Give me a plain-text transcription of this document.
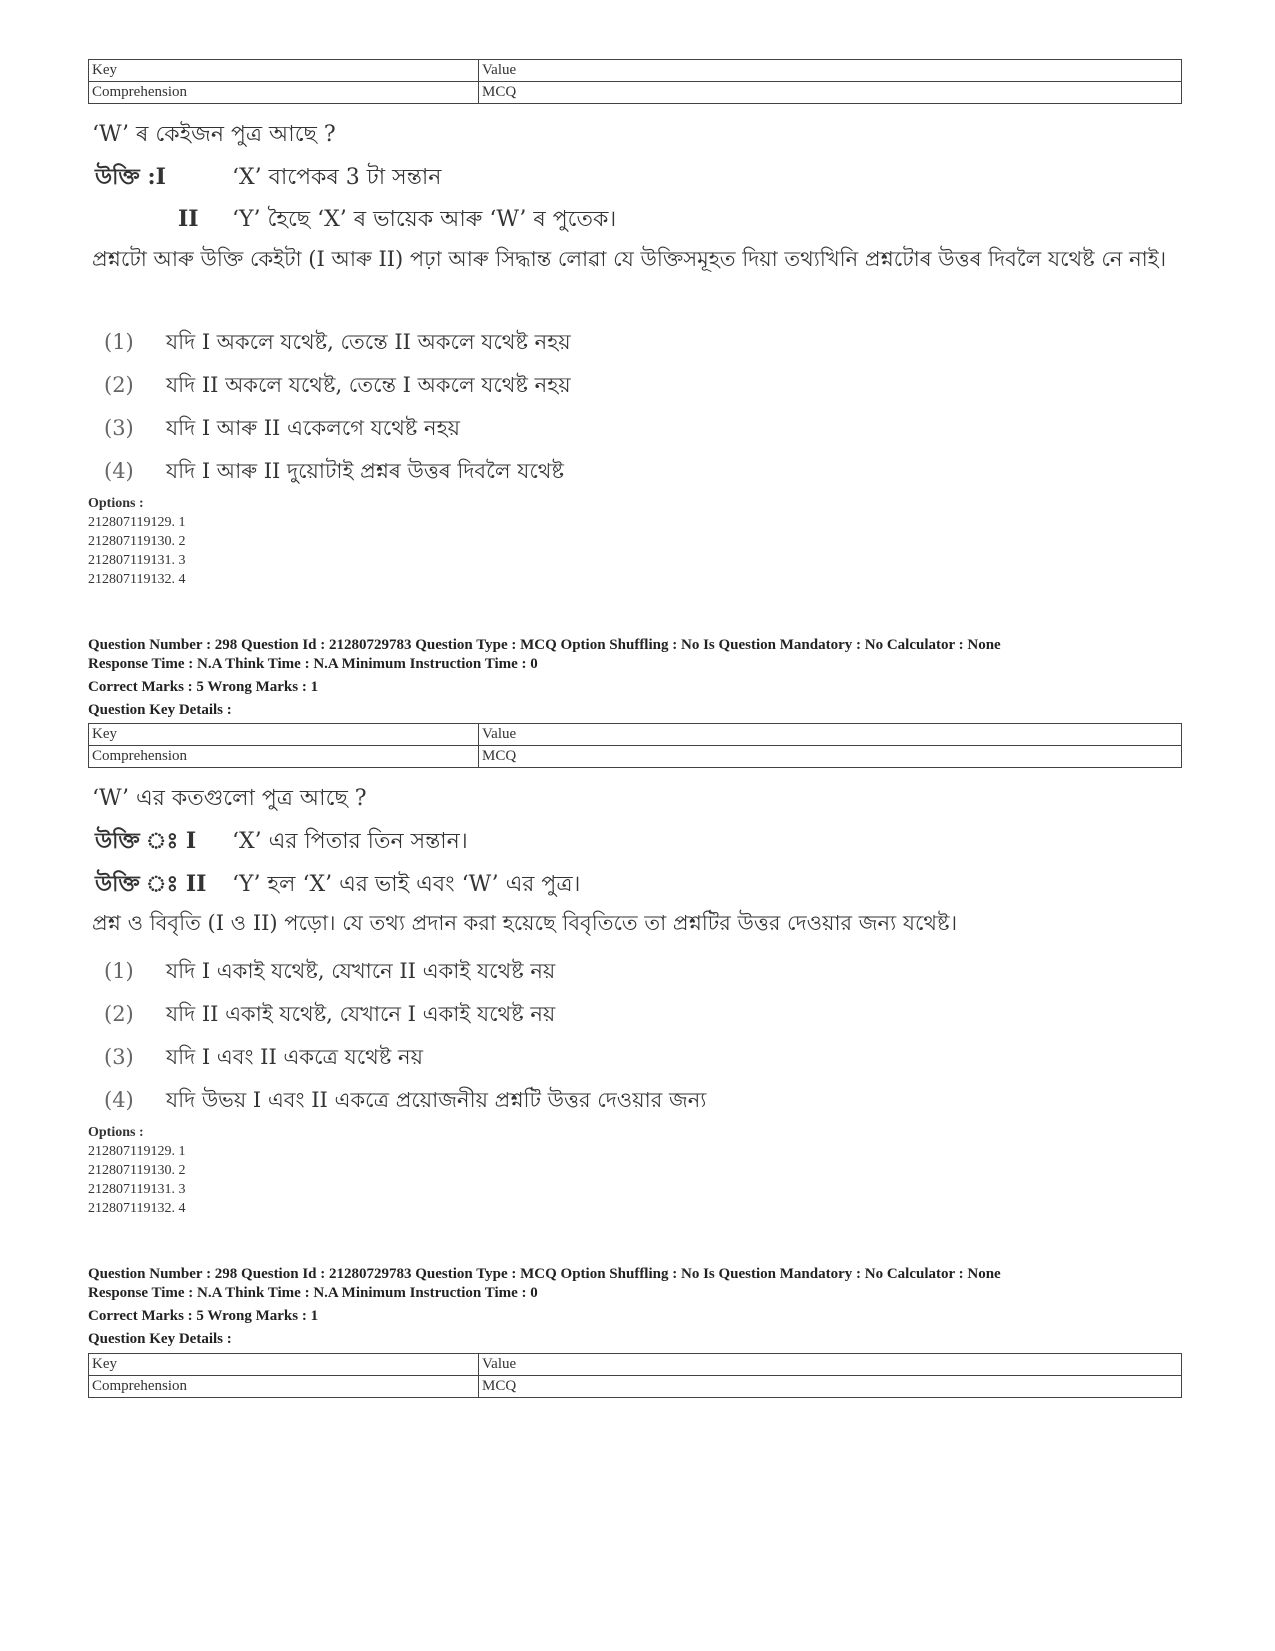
Key	Value
Comprehension	MCQ
‘W’ ৰ কেইজন পুত্ৰ আছে ?
উক্তি :I	‘X’ বাপেকৰ 3 টা সন্তান
II ‘Y’ হৈছে ‘X’ ৰ ভায়েক আৰু ‘W’ ৰ পুতেক।
প্ৰশ্নটো আৰু উক্তি কেইটা (I আৰু II) পঢ়া আৰু সিদ্ধান্ত লোৱা যে উক্তিসমূহত দিয়া তথ্যখিনি প্ৰশ্নটোৰ উত্তৰ দিবলৈ যথেষ্ট নে নাই।
(1) যদি I অকলে যথেষ্ট, তেন্তে II অকলে যথেষ্ট নহয়
(2) যদি II অকলে যথেষ্ট, তেন্তে I অকলে যথেষ্ট নহয়
(3) যদি I আৰু II একেলগে যথেষ্ট নহয়
(4) যদি I আৰু II দুয়োটাই প্ৰশ্নৰ উত্তৰ দিবলৈ যথেষ্ট
Options :
212807119129. 1
212807119130. 2
212807119131. 3
212807119132. 4
Question Number : 298 Question Id : 21280729783 Question Type : MCQ Option Shuffling : No Is Question Mandatory : No Calculator : None
Response Time : N.A Think Time : N.A Minimum Instruction Time : 0
Correct Marks : 5 Wrong Marks : 1
Question Key Details :
Key	Value
Comprehension	MCQ
‘W’ এর কতগুলো পুত্র আছে ?
উক্তি ঃ I ‘X’ এর পিতার তিন সন্তান।
উক্তি ঃ II ‘Y’ হল ‘X’ এর ভাই এবং ‘W’ এর পুত্র।
প্রশ্ন ও বিবৃতি (I ও II) পড়ো। যে তথ্য প্রদান করা হয়েছে বিবৃতিতে তা প্রশ্নটির উত্তর দেওয়ার জন্য যথেষ্ট।
(1) যদি I একাই যথেষ্ট, যেখানে II একাই যথেষ্ট নয়
(2) যদি II একাই যথেষ্ট, যেখানে I একাই যথেষ্ট নয়
(3) যদি I এবং II একত্রে যথেষ্ট নয়
(4) যদি উভয় I এবং II একত্রে প্রয়োজনীয় প্রশ্নটি উত্তর দেওয়ার জন্য
Options :
212807119129. 1
212807119130. 2
212807119131. 3
212807119132. 4
Question Number : 298 Question Id : 21280729783 Question Type : MCQ Option Shuffling : No Is Question Mandatory : No Calculator : None
Response Time : N.A Think Time : N.A Minimum Instruction Time : 0
Correct Marks : 5 Wrong Marks : 1
Question Key Details :
Key	Value
Comprehension	MCQ
